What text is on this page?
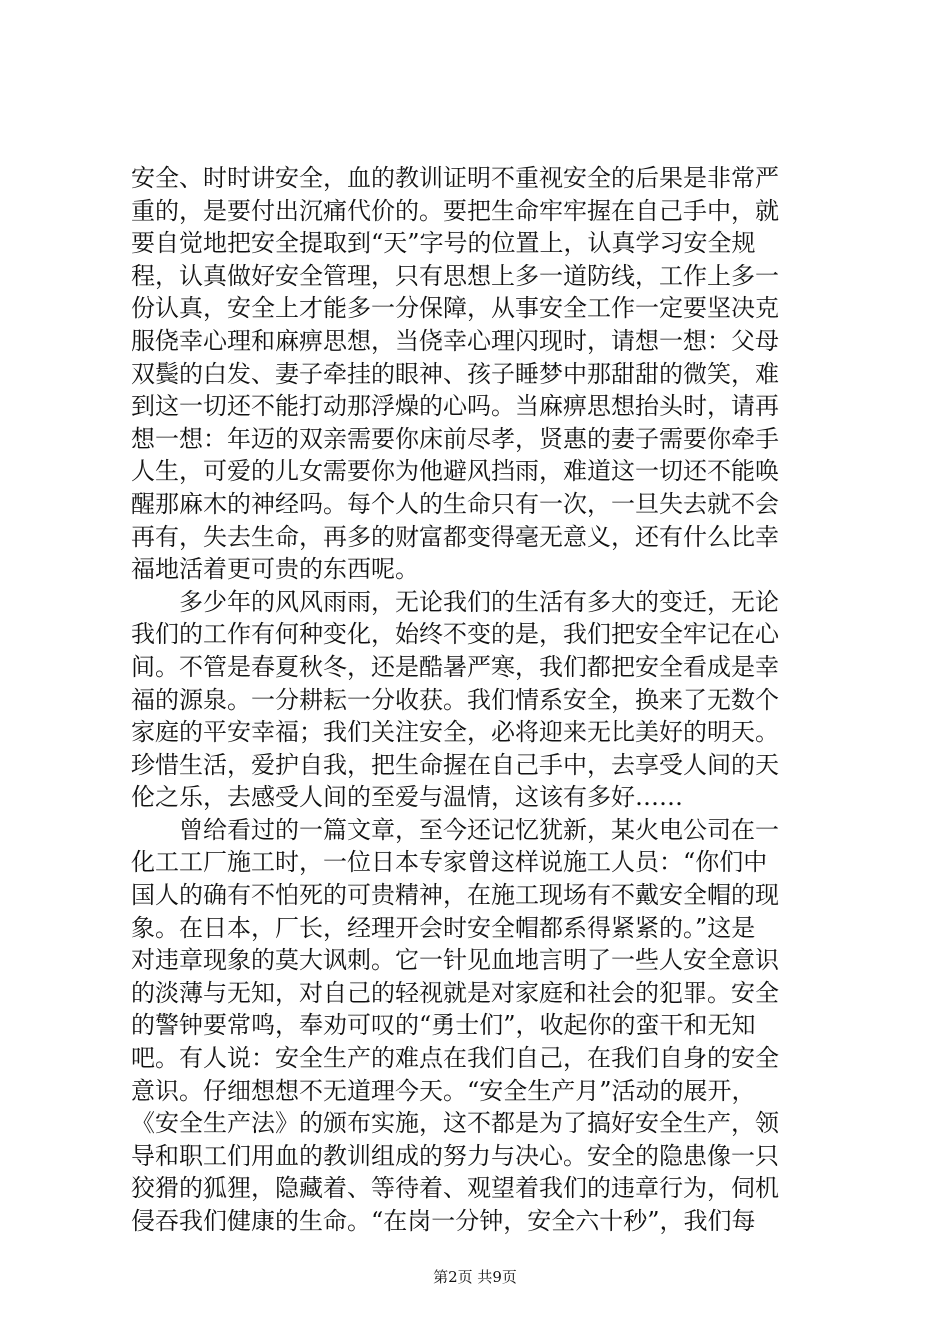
安全、时时讲安全，血的教训证明不重视安全的后果是非常严
重的，是要付出沉痛代价的。要把生命牢牢握在自己手中，就
要自觉地把安全提取到“天”字号的位置上，认真学习安全规
程，认真做好安全管理，只有思想上多一道防线，工作上多一
份认真，安全上才能多一分保障，从事安全工作一定要坚决克
服侥幸心理和麻痹思想，当侥幸心理闪现时，请想一想：父母
双鬓的白发、妻子牵挂的眼神、孩子睡梦中那甜甜的微笑，难
到这一切还不能打动那浮燥的心吗。当麻痹思想抬头时，请再
想一想：年迈的双亲需要你床前尽孝，贤惠的妻子需要你牵手
人生，可爱的儿女需要你为他避风挡雨，难道这一切还不能唤
醒那麻木的神经吗。每个人的生命只有一次，一旦失去就不会
再有，失去生命，再多的财富都变得毫无意义，还有什么比幸
福地活着更可贵的东西呢。
　　多少年的风风雨雨，无论我们的生活有多大的变迁，无论
我们的工作有何种变化，始终不变的是，我们把安全牢记在心
间。不管是春夏秋冬，还是酷暑严寒，我们都把安全看成是幸
福的源泉。一分耕耘一分收获。我们情系安全，换来了无数个
家庭的平安幸福；我们关注安全，必将迎来无比美好的明天。
珍惜生活，爱护自我，把生命握在自己手中，去享受人间的天
伦之乐，去感受人间的至爱与温情，这该有多好……
　　曾给看过的一篇文章，至今还记忆犹新，某火电公司在一
化工工厂施工时，一位日本专家曾这样说施工人员：“你们中
国人的确有不怕死的可贵精神，在施工现场有不戴安全帽的现
象。在日本，厂长，经理开会时安全帽都系得紧紧的。”这是
对违章现象的莫大讽刺。它一针见血地言明了一些人安全意识
的淡薄与无知，对自己的轻视就是对家庭和社会的犯罪。安全
的警钟要常鸣，奉劝可叹的“勇士们”，收起你的蛮干和无知
吧。有人说：安全生产的难点在我们自己，在我们自身的安全
意识。仔细想想不无道理今天。“安全生产月”活动的展开，
《安全生产法》的颁布实施，这不都是为了搞好安全生产，领
导和职工们用血的教训组成的努力与决心。安全的隐患像一只
狡猾的狐狸，隐藏着、等待着、观望着我们的违章行为，伺机
侵吞我们健康的生命。“在岗一分钟，安全六十秒”，我们每
第2页 共9页
